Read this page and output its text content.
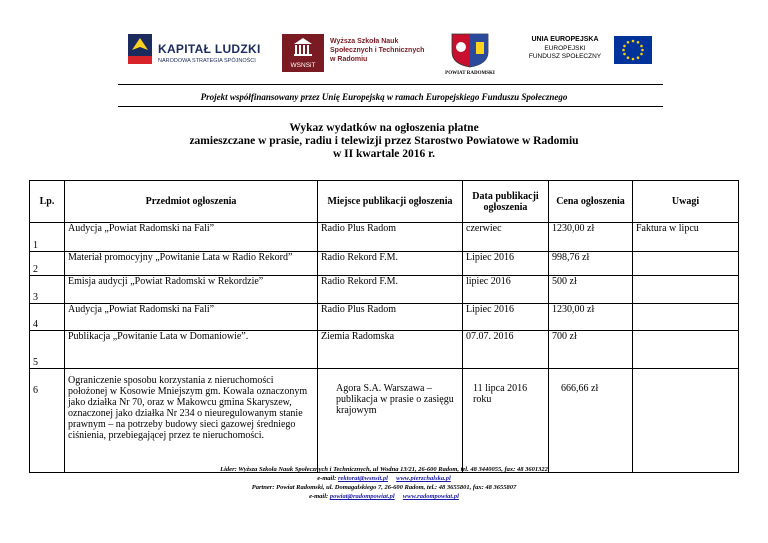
KAPITAŁ LUDZKI
NARODOWA STRATEGIA SPÓJNOŚCI
WSNSiT
Wyższa Szkoła Nauk
Społecznych i Technicznych
w Radomiu
POWIAT RADOMSKI
UNIA EUROPEJSKA
EUROPEJSKI
FUNDUSZ SPOŁECZNY
Projekt współfinansowany przez Unię Europejską w ramach Europejskiego Funduszu Społecznego
Wykaz wydatków na ogłoszenia płatne
zamieszczane w prasie, radiu i telewizji przez Starostwo Powiatowe w Radomiu
w II kwartale 2016 r.
Lp.	Przedmiot ogłoszenia	Miejsce publikacji ogłoszenia	Data publikacji ogłoszenia	Cena ogłoszenia	Uwagi
1	Audycja „Powiat Radomski na Fali”	Radio Plus Radom	czerwiec	1230,00 zł	Faktura w lipcu
2	Materiał promocyjny „Powitanie Lata w Radio Rekord”	Radio Rekord F.M.	Lipiec 2016	998,76 zł	
3	Emisja audycji „Powiat Radomski w Rekordzie”	Radio Rekord F.M.	lipiec 2016	500 zł	
4	Audycja „Powiat Radomski na Fali”	Radio Plus Radom	Lipiec 2016	1230,00 zł	
5	Publikacja „Powitanie Lata w Domaniowie”.	Ziemia Radomska	07.07. 2016	700 zł	
6	Ograniczenie sposobu korzystania z nieruchomości położonej w Kosowie Mniejszym gm. Kowala oznaczonym jako działka Nr 70, oraz w Makowcu gmina Skaryszew, oznaczonej jako działka Nr 234 o nieuregulowanym stanie prawnym – na potrzeby budowy sieci gazowej średniego ciśnienia, przebiegającej przez te nieruchomości.	Agora S.A. Warszawa – publikacja w prasie o zasięgu krajowym	11 lipca 2016 roku	666,66 zł	
Lider: Wyższa Szkoła Nauk Społecznych i Technicznych, ul Wodna 13/21, 26-600 Radom, tel. 48 3440055, fax: 48 3601322
e-mail: rektorat@wsnsit.pl www.pierzchalska.pl
Partner: Powiat Radomski, ul. Domagalskiego 7, 26-600 Radom, tel.: 48 3655801, fax: 48 3655807
e-mail: powiat@radompowiat.pl www.radompowiat.pl
